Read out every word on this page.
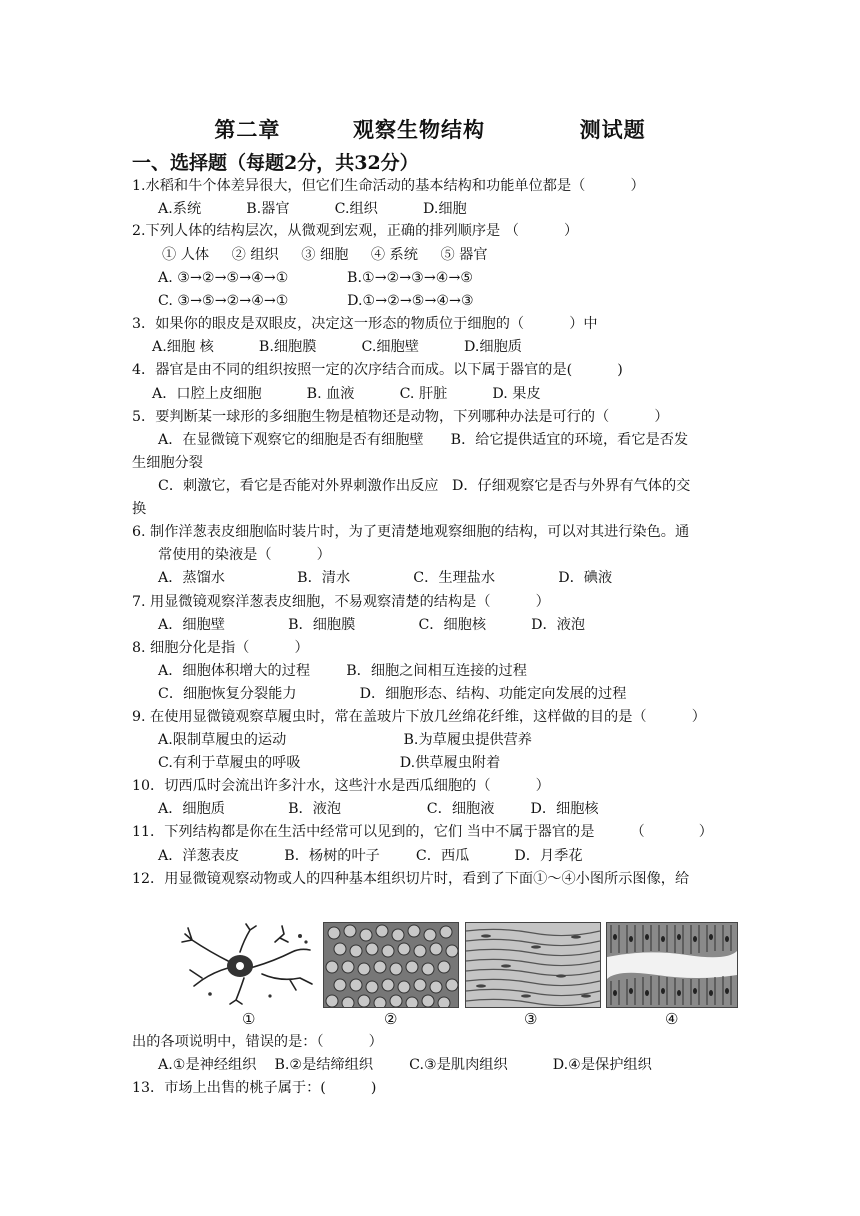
第二章	观察生物结构	测试题
一、选择题（每题2分，共32分）
1.水稻和牛个体差异很大，但它们生命活动的基本结构和功能单位都是（          ）
A.系统          B.器官          C.组织          D.细胞
2.下列人体的结构层次，从微观到宏观，正确的排列顺序是 （          ）
① 人体     ② 组织     ③ 细胞     ④ 系统     ⑤ 器官
A. ③→②→⑤→④→①             B.①→②→③→④→⑤
C. ③→⑤→②→④→①             D.①→②→⑤→④→③
3．如果你的眼皮是双眼皮，决定这一形态的物质位于细胞的（          ）中
A.细胞 核          B.细胞膜          C.细胞壁          D.细胞质
4．器官是由不同的组织按照一定的次序结合而成。以下属于器官的是(          )
A．口腔上皮细胞          B. 血液          C. 肝脏          D. 果皮
5．要判断某一球形的多细胞生物是植物还是动物，下列哪种办法是可行的（          ）
A．在显微镜下观察它的细胞是否有细胞壁      B．给它提供适宜的环境，看它是否发
生细胞分裂
C．刺激它，看它是否能对外界刺激作出反应   D．仔细观察它是否与外界有气体的交
换
6. 制作洋葱表皮细胞临时装片时，为了更清楚地观察细胞的结构，可以对其进行染色。通
常使用的染液是（          ）
A．蒸馏水                B．清水              C．生理盐水              D．碘液
7. 用显微镜观察洋葱表皮细胞，不易观察清楚的结构是（          ）
A．细胞壁              B．细胞膜              C．细胞核          D．液泡
8. 细胞分化是指（          ）
A．细胞体积增大的过程        B．细胞之间相互连接的过程
C．细胞恢复分裂能力              D．细胞形态、结构、功能定向发展的过程
9. 在使用显微镜观察草履虫时，常在盖玻片下放几丝绵花纤维，这样做的目的是（          ）
A.限制草履虫的运动                          B.为草履虫提供营养
C.有利于草履虫的呼吸                      D.供草履虫附着
10．切西瓜时会流出许多汁水，这些汁水是西瓜细胞的（          ）
A．细胞质              B．液泡                   C．细胞液        D．细胞核
11．下列结构都是你在生活中经常可以见到的，它们 当中不属于器官的是        （            ）
A．洋葱表皮          B．杨树的叶子        C．西瓜          D．月季花
12．用显微镜观察动物或人的四种基本组织切片时，看到了下面①～④小图所示图像，给
①	②	③	④
出的各项说明中，错误的是：（          ）
A.①是神经组织    B.②是结缔组织        C.③是肌肉组织          D.④是保护组织
13．市场上出售的桃子属于：(          )
